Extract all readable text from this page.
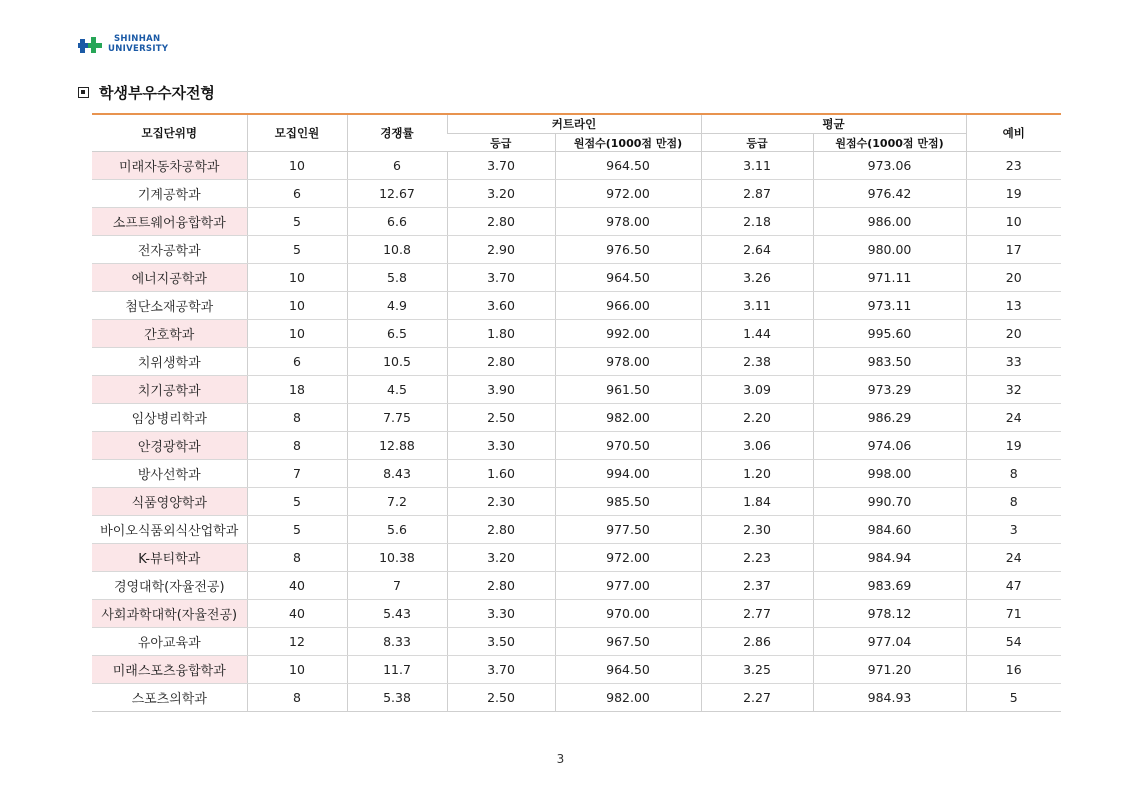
SHINHAN
UNIVERSITY
학생부우수자전형
모집단위명	모집인원	경쟁률	커트라인		평균		예비
			등급	원점수(1000점 만점)	등급	원점수(1000점 만점)	
미래자동차공학과	10	6	3.70	964.50	3.11	973.06	23
기계공학과	6	12.67	3.20	972.00	2.87	976.42	19
소프트웨어융합학과	5	6.6	2.80	978.00	2.18	986.00	10
전자공학과	5	10.8	2.90	976.50	2.64	980.00	17
에너지공학과	10	5.8	3.70	964.50	3.26	971.11	20
첨단소재공학과	10	4.9	3.60	966.00	3.11	973.11	13
간호학과	10	6.5	1.80	992.00	1.44	995.60	20
치위생학과	6	10.5	2.80	978.00	2.38	983.50	33
치기공학과	18	4.5	3.90	961.50	3.09	973.29	32
임상병리학과	8	7.75	2.50	982.00	2.20	986.29	24
안경광학과	8	12.88	3.30	970.50	3.06	974.06	19
방사선학과	7	8.43	1.60	994.00	1.20	998.00	8
식품영양학과	5	7.2	2.30	985.50	1.84	990.70	8
바이오식품외식산업학과	5	5.6	2.80	977.50	2.30	984.60	3
K-뷰티학과	8	10.38	3.20	972.00	2.23	984.94	24
경영대학(자율전공)	40	7	2.80	977.00	2.37	983.69	47
사회과학대학(자율전공)	40	5.43	3.30	970.00	2.77	978.12	71
유아교육과	12	8.33	3.50	967.50	2.86	977.04	54
미래스포츠융합학과	10	11.7	3.70	964.50	3.25	971.20	16
스포츠의학과	8	5.38	2.50	982.00	2.27	984.93	5
3
